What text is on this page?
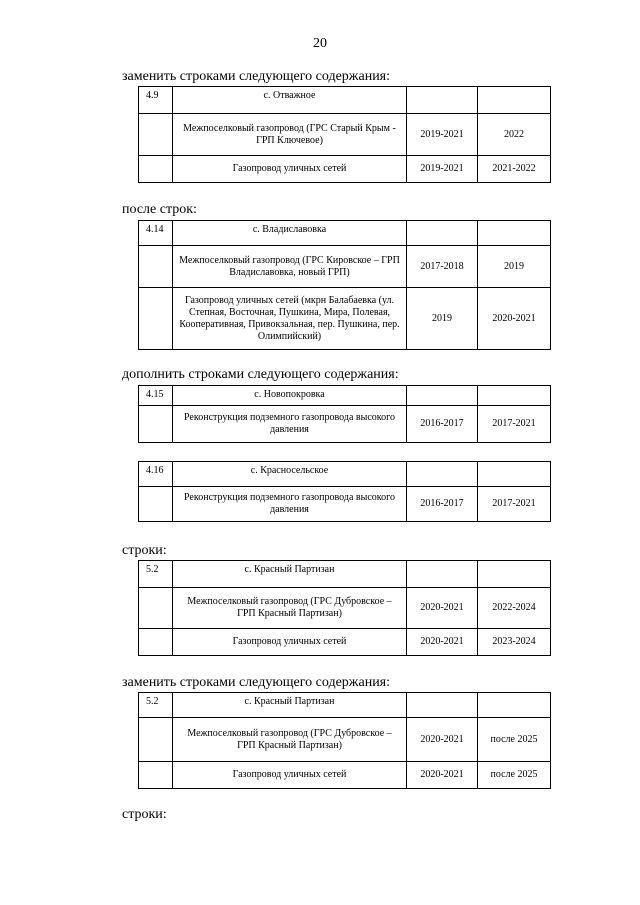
20
заменить строками следующего содержания:
4.9	с. Отважное		
	Межпоселковый газопровод (ГРС Старый Крым - ГРП Ключевое)	2019-2021	2022
	Газопровод уличных сетей	2019-2021	2021-2022
после строк:
4.14	с. Владиславовка		
	Межпоселковый газопровод (ГРС Кировское – ГРП Владиславовка, новый ГРП)	2017-2018	2019
	Газопровод уличных сетей (мкрн Балабаевка (ул. Степная, Восточная, Пушкина, Мира, Полевая, Кооперативная, Привокзальная, пер. Пушкина, пер. Олимпийский)	2019	2020-2021
дополнить строками следующего содержания:
4.15	с. Новопокровка		
	Реконструкция подземного газопровода высокого давления	2016-2017	2017-2021
4.16	с. Красносельское		
	Реконструкция подземного газопровода высокого давления	2016-2017	2017-2021
строки:
5.2	с. Красный Партизан		
	Межпоселковый газопровод (ГРС Дубровское – ГРП Красный Партизан)	2020-2021	2022-2024
	Газопровод уличных сетей	2020-2021	2023-2024
заменить строками следующего содержания:
5.2	с. Красный Партизан		
	Межпоселковый газопровод (ГРС Дубровское – ГРП Красный Партизан)	2020-2021	после 2025
	Газопровод уличных сетей	2020-2021	после 2025
строки:
